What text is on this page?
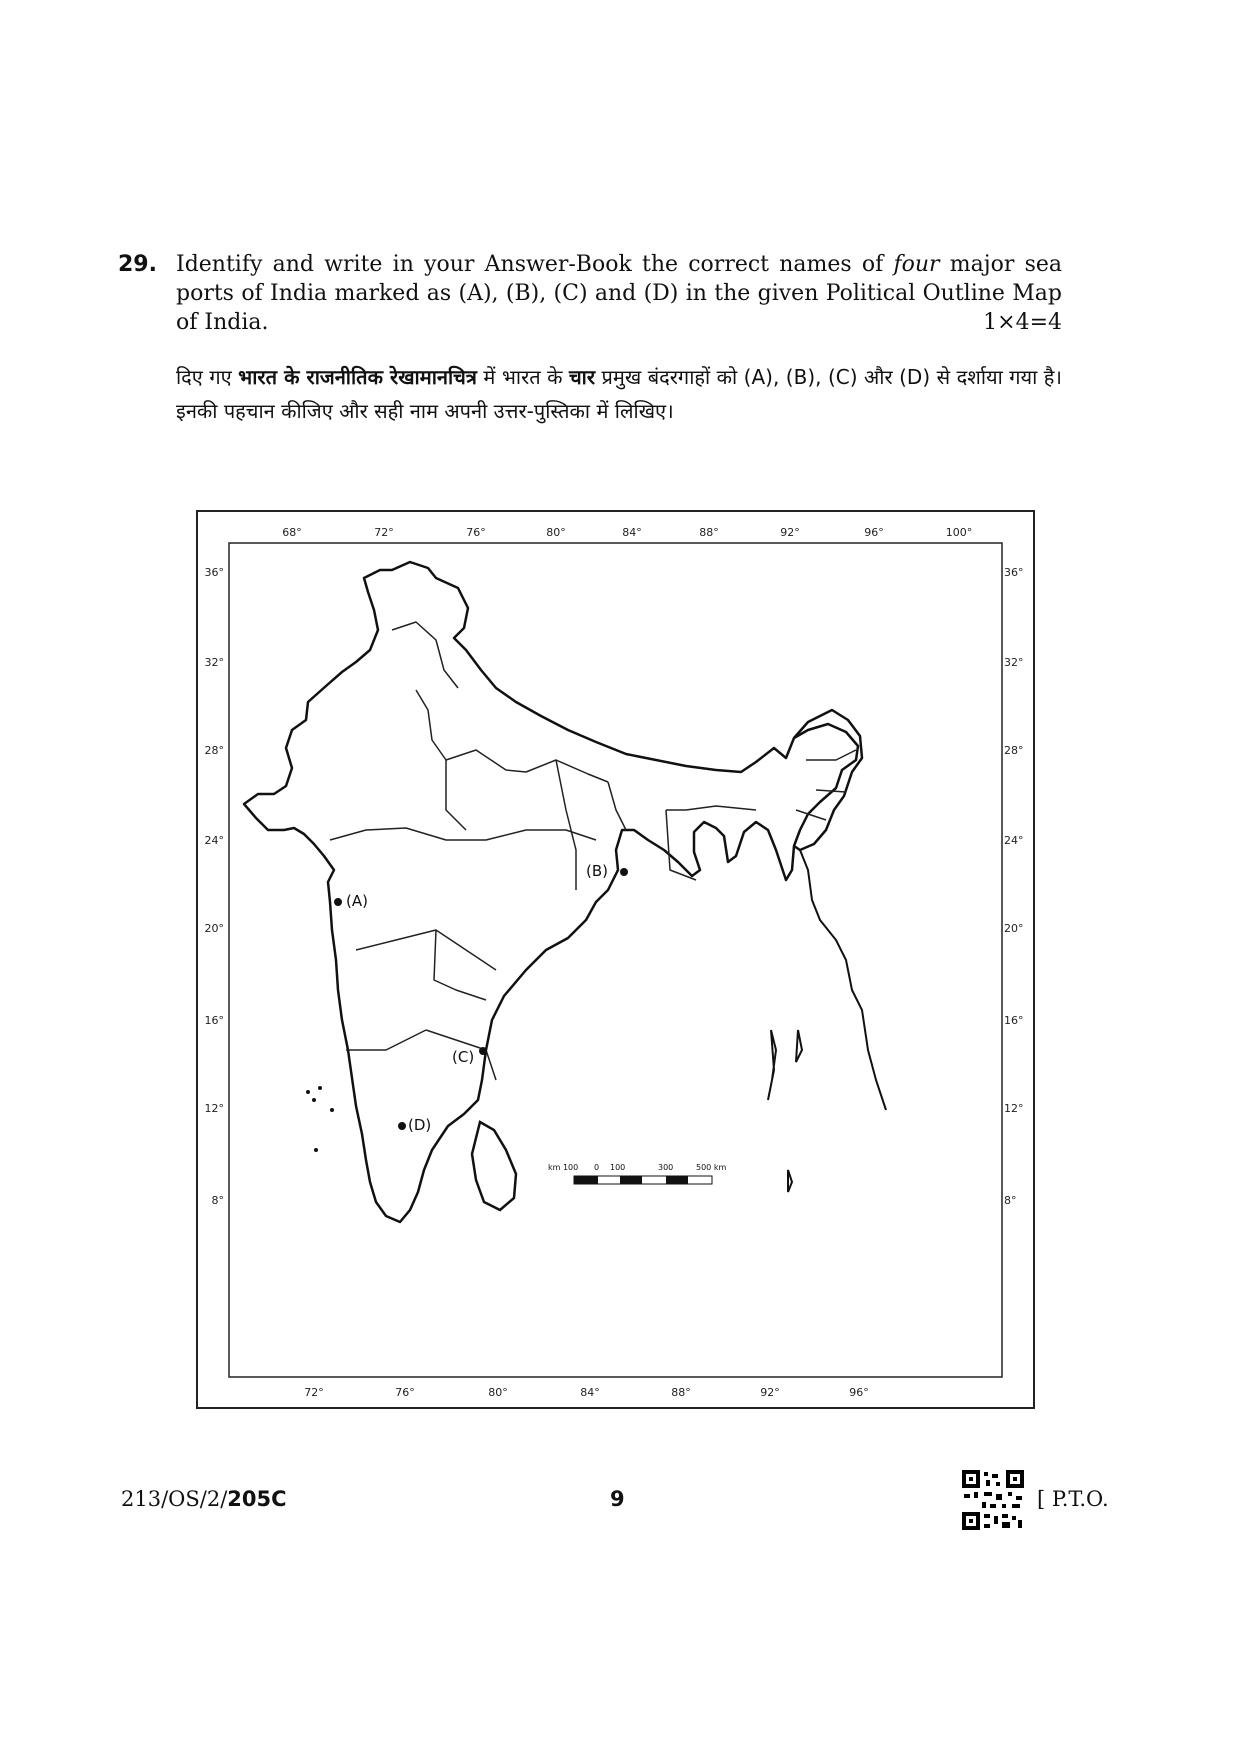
29. Identify and write in your Answer-Book the correct names of four major sea ports of India marked as (A), (B), (C) and (D) in the given Political Outline Map of India.	1×4=4
दिए गए भारत के राजनीतिक रेखामानचित्र में भारत के चार प्रमुख बंदरगाहों को (A), (B), (C) और (D) से दर्शाया गया है। इनकी पहचान कीजिए और सही नाम अपनी उत्तर-पुस्तिका में लिखिए।
68°	72°	76°	80°	84°	88°	92°	96°	100°
72°	76°	80°	84°	88°	92°	96°
36°
32°
28°
24°
20°
16°
12°
8°
36°
32°
28°
24°
20°
16°
12°
8°
(A)
(B)
(C)
(D)
km 100 0 100	300	500 km
213/OS/2/205C	9	[ P.T.O.
